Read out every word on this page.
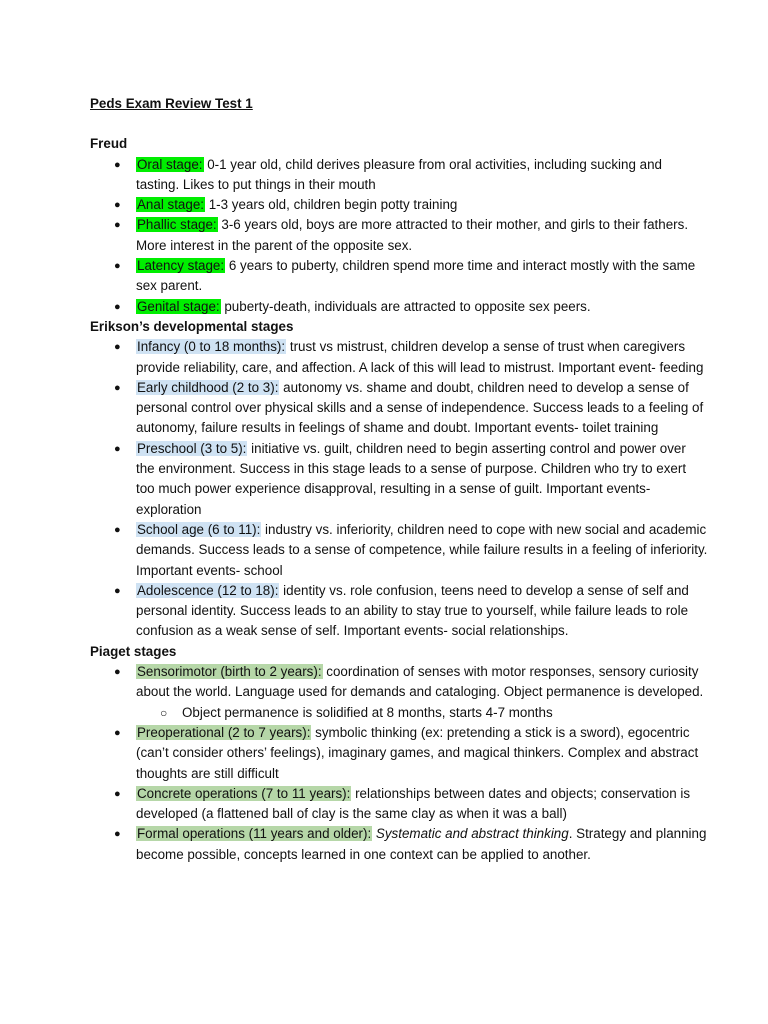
Peds Exam Review Test 1
Freud
● Oral stage: 0-1 year old, child derives pleasure from oral activities, including sucking and tasting. Likes to put things in their mouth
● Anal stage: 1-3 years old, children begin potty training
● Phallic stage: 3-6 years old, boys are more attracted to their mother, and girls to their fathers. More interest in the parent of the opposite sex.
● Latency stage: 6 years to puberty, children spend more time and interact mostly with the same sex parent.
● Genital stage: puberty-death, individuals are attracted to opposite sex peers.
Erikson’s developmental stages
● Infancy (0 to 18 months): trust vs mistrust, children develop a sense of trust when caregivers provide reliability, care, and affection. A lack of this will lead to mistrust. Important event- feeding
● Early childhood (2 to 3): autonomy vs. shame and doubt, children need to develop a sense of personal control over physical skills and a sense of independence. Success leads to a feeling of autonomy, failure results in feelings of shame and doubt. Important events- toilet training
● Preschool (3 to 5): initiative vs. guilt, children need to begin asserting control and power over the environment. Success in this stage leads to a sense of purpose. Children who try to exert too much power experience disapproval, resulting in a sense of guilt. Important events- exploration
● School age (6 to 11): industry vs. inferiority, children need to cope with new social and academic demands. Success leads to a sense of competence, while failure results in a feeling of inferiority. Important events- school
● Adolescence (12 to 18): identity vs. role confusion, teens need to develop a sense of self and personal identity. Success leads to an ability to stay true to yourself, while failure leads to role confusion as a weak sense of self. Important events- social relationships.
Piaget stages
● Sensorimotor (birth to 2 years): coordination of senses with motor responses, sensory curiosity about the world. Language used for demands and cataloging. Object permanence is developed.
○ Object permanence is solidified at 8 months, starts 4-7 months
● Preoperational (2 to 7 years): symbolic thinking (ex: pretending a stick is a sword), egocentric (can’t consider others’ feelings), imaginary games, and magical thinkers. Complex and abstract thoughts are still difficult
● Concrete operations (7 to 11 years): relationships between dates and objects; conservation is developed (a flattened ball of clay is the same clay as when it was a ball)
● Formal operations (11 years and older): Systematic and abstract thinking. Strategy and planning become possible, concepts learned in one context can be applied to another.
